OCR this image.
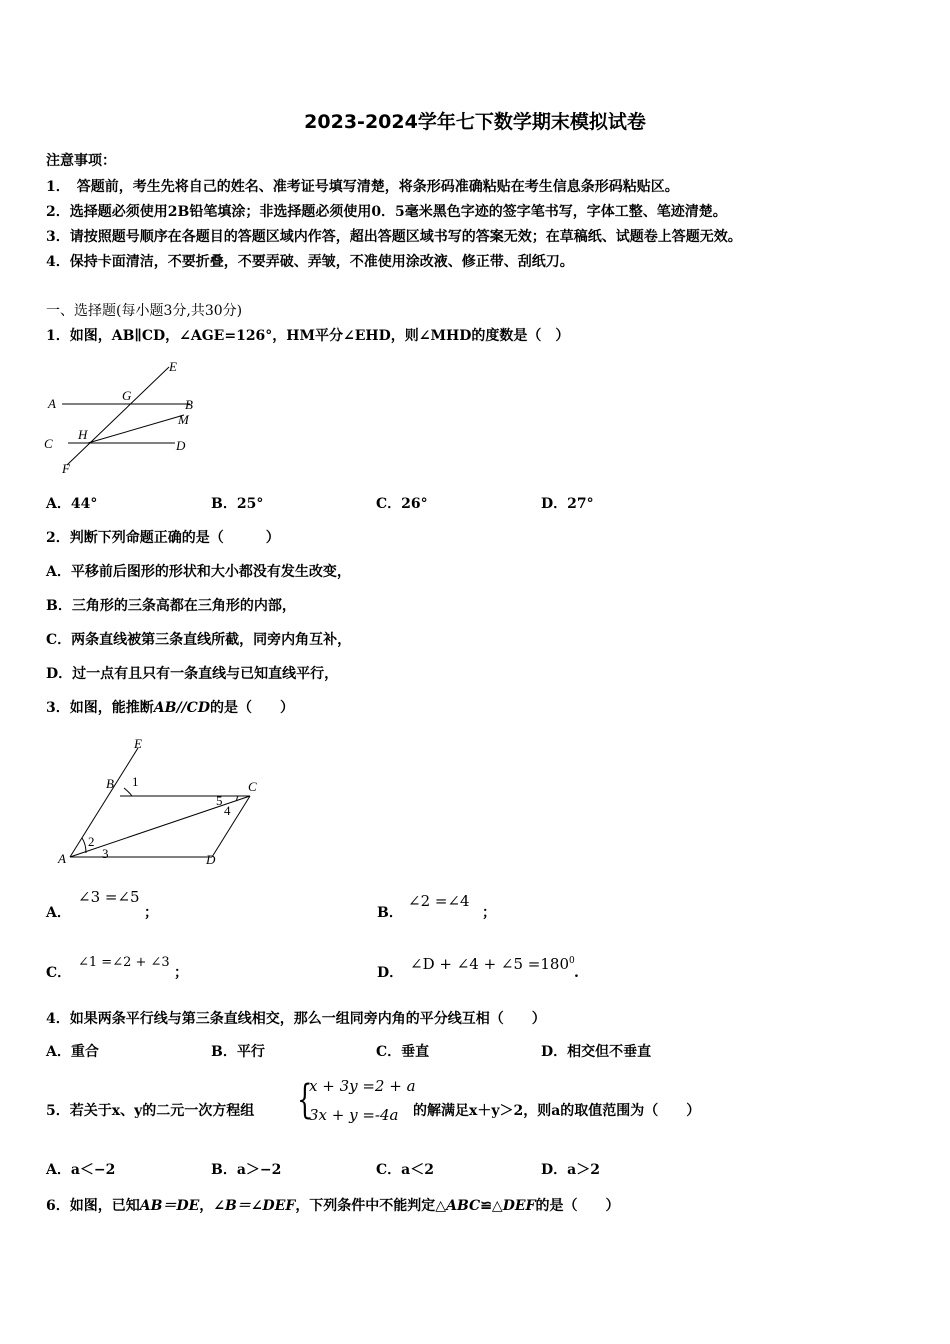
2023-2024学年七下数学期末模拟试卷
注意事项：
1．　答题前，考生先将自己的姓名、准考证号填写清楚，将条形码准确粘贴在考生信息条形码粘贴区。
2．选择题必须使用2B铅笔填涂；非选择题必须使用0．5毫米黑色字迹的签字笔书写，字体工整、笔迹清楚。
3．请按照题号顺序在各题目的答题区域内作答，超出答题区域书写的答案无效；在草稿纸、试题卷上答题无效。
4．保持卡面清洁，不要折叠，不要弄破、弄皱，不准使用涂改液、修正带、刮纸刀。
一、选择题(每小题3分,共30分)
1．如图，AB∥CD，∠AGE=126°，HM平分∠EHD，则∠MHD的度数是（　）
E
G
A	B
M
C
H
D
F
A．44°	B．25°	C．26°	D．27°
2．判断下列命题正确的是（　　　）
A．平移前后图形的形状和大小都没有发生改变，
B．三角形的三条高都在三角形的内部，
C．两条直线被第三条直线所截，同旁内角互补，
D．过一点有且只有一条直线与已知直线平行，
3．如图，能推断AB//CD的是（　　）
E
B 1	C
5
4
2
3
A	D
A．
∠3 =∠5
；	B．
∠2 =∠4
；
C．
∠1 =∠2 + ∠3
；	D． ∠D + ∠4 + ∠5 $=180^0$
.
4．如果两条平行线与第三条直线相交，那么一组同旁内角的平分线互相（　　）
A．重合	B．平行	C．垂直	D．相交但不垂直
5．若关于x、y的二元一次方程组 {
x + 3y =2 + a
3x + y =‑4a 的解满足x＋y＞2，则a的取值范围为（　　）
A．a＜−2	B．a＞−2	C．a＜2	D．a＞2
6．如图，已知AB＝DE，∠B＝∠DEF，下列条件中不能判定△ABC≌△DEF的是（　　）
